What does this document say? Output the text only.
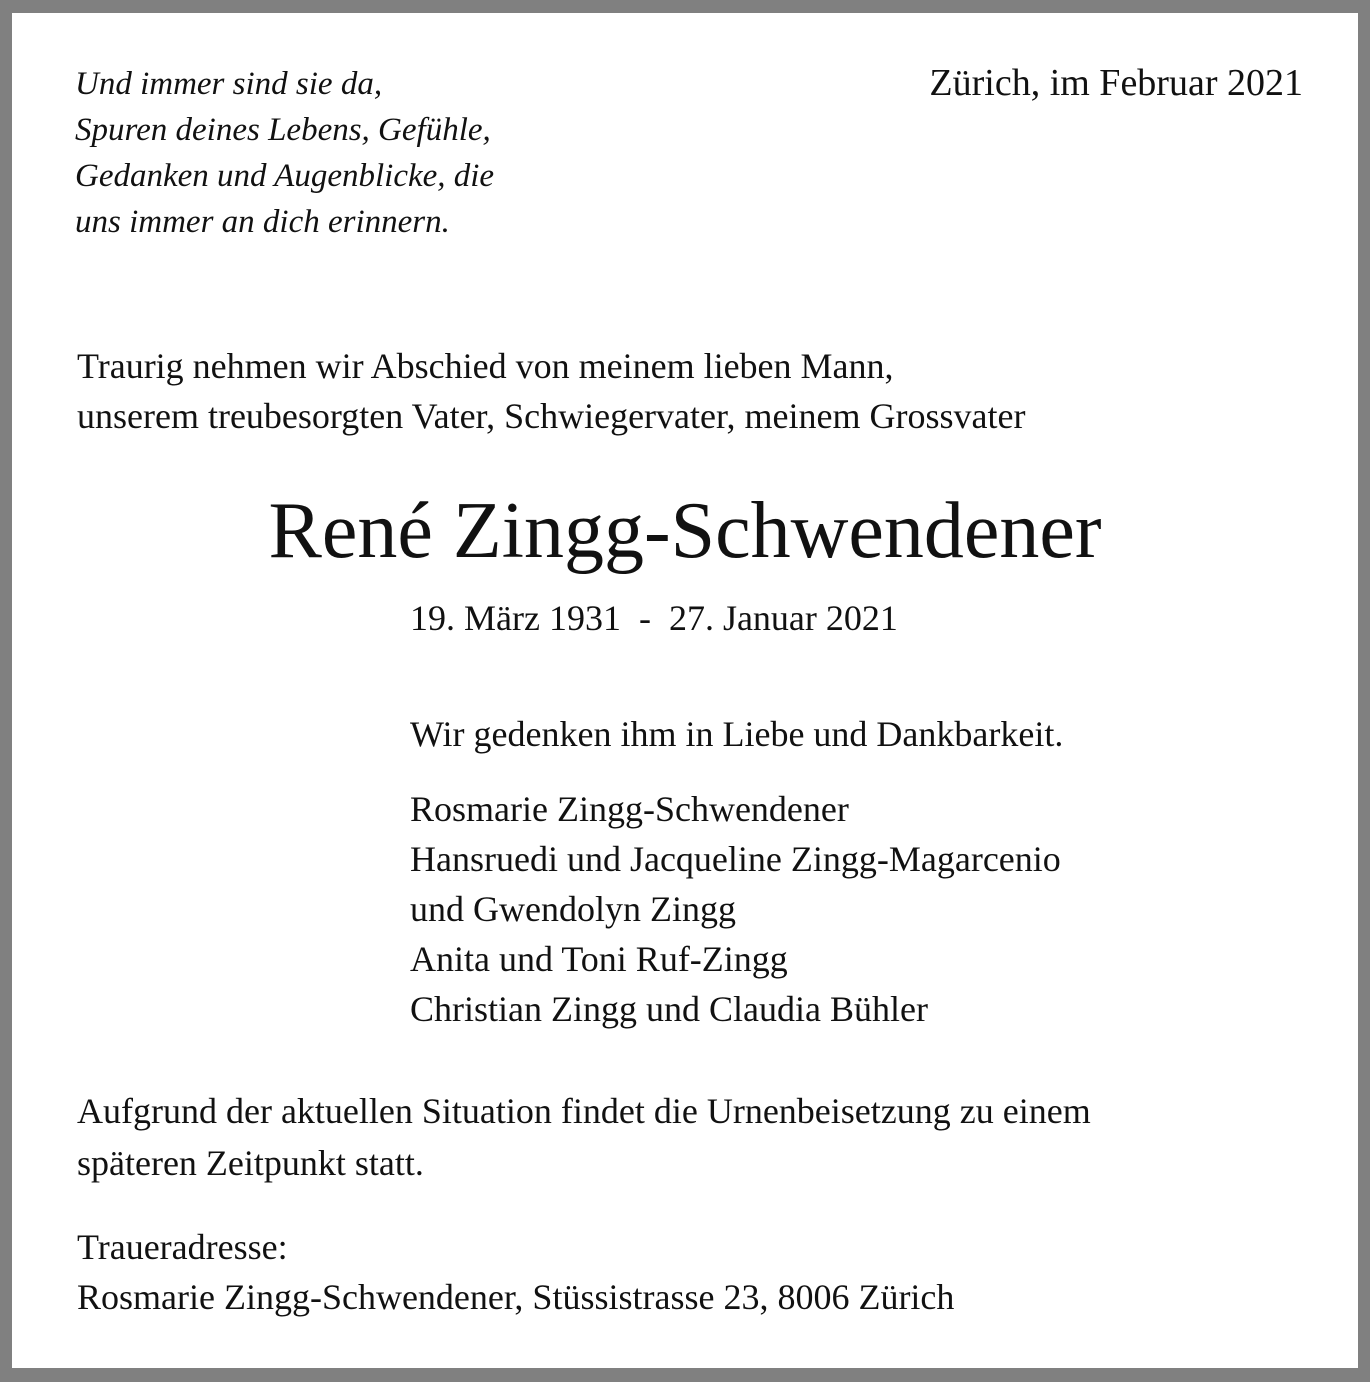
Und immer sind sie da,
Spuren deines Lebens, Gefühle,
Gedanken und Augenblicke, die
uns immer an dich erinnern.
Zürich, im Februar 2021
Traurig nehmen wir Abschied von meinem lieben Mann,
unserem treubesorgten Vater, Schwiegervater, meinem Grossvater
René Zingg-Schwendener
19. März 1931  -  27. Januar 2021
Wir gedenken ihm in Liebe und Dankbarkeit.
Rosmarie Zingg-Schwendener
Hansruedi und Jacqueline Zingg-Magarcenio
und Gwendolyn Zingg
Anita und Toni Ruf-Zingg
Christian Zingg und Claudia Bühler
Aufgrund der aktuellen Situation findet die Urnenbeisetzung zu einem
späteren Zeitpunkt statt.
Traueradresse:
Rosmarie Zingg-Schwendener, Stüssistrasse 23, 8006 Zürich
